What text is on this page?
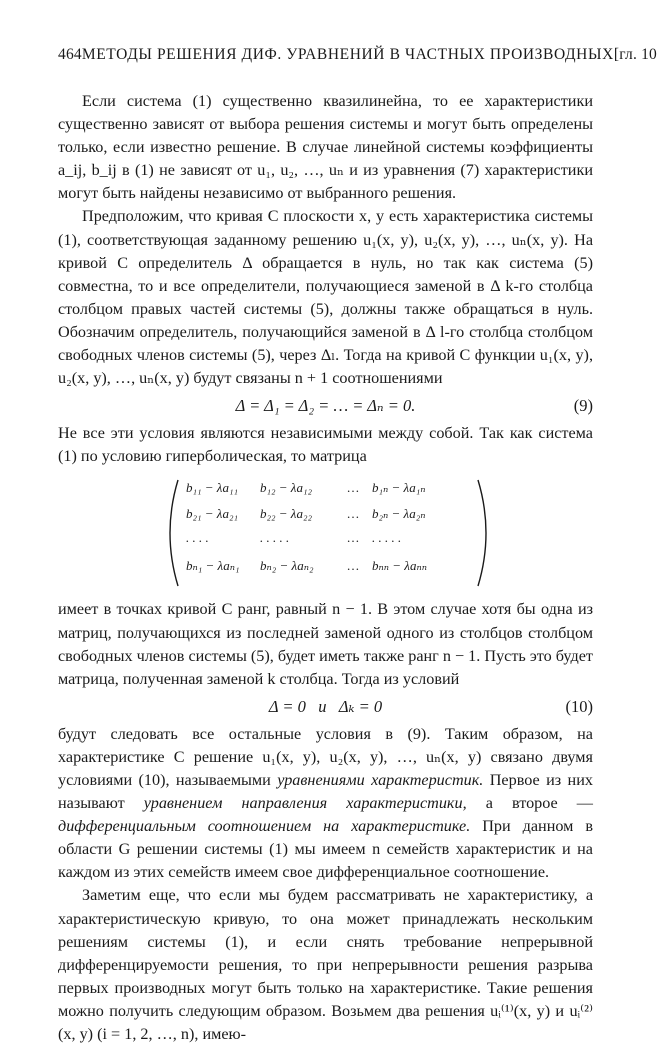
464 МЕТОДЫ РЕШЕНИЯ ДИФ. УРАВНЕНИЙ В ЧАСТНЫХ ПРОИЗВОДНЫХ [гл. 10

Если система (1) существенно квазилинейна, то ее характеристики существенно зависят от выбора решения системы и могут быть определены только, если известно решение. В случае линейной системы коэффициенты a_ij, b_ij в (1) не зависят от u₁, u₂, …, uₙ и из уравнения (7) характеристики могут быть найдены независимо от выбранного решения.

Предположим, что кривая C плоскости x, y есть характеристика системы (1), соответствующая заданному решению u₁(x, y), u₂(x, y), …, uₙ(x, y). На кривой C определитель Δ обращается в нуль, но так как система (5) совместна, то и все определители, получающиеся заменой в Δ k-го столбца столбцом правых частей системы (5), должны также обращаться в нуль. Обозначим определитель, получающийся заменой в Δ l-го столбца столбцом свободных членов системы (5), через Δₗ. Тогда на кривой C функции u₁(x, y), u₂(x, y), …, uₙ(x, y) будут связаны n + 1 соотношениями

Δ = Δ₁ = Δ₂ = … = Δₙ = 0.	(9)

Не все эти условия являются независимыми между собой. Так как система (1) по условию гиперболическая, то матрица

b₁₁ − λa₁₁ b₁₂ − λa₁₂	… b₁ₙ − λa₁ₙ
b₂₁ − λa₂₁ b₂₂ − λa₂₂	… b₂ₙ − λa₂ₙ
. . . .	. . . . .	… . . . . .
bₙ₁ − λaₙ₁ bₙ₂ − λaₙ₂	… bₙₙ − λaₙₙ

имеет в точках кривой C ранг, равный n − 1. В этом случае хотя бы одна из матриц, получающихся из последней заменой одного из столбцов столбцом свободных членов системы (5), будет иметь также ранг n − 1. Пусть это будет матрица, полученная заменой k столбца. Тогда из условий

Δ = 0   и   Δₖ = 0	(10)

будут следовать все остальные условия в (9). Таким образом, на характеристике C решение u₁(x, y), u₂(x, y), …, uₙ(x, y) связано двумя условиями (10), называемыми уравнениями характеристик. Первое из них называют уравнением направления характеристики, а второе — дифференциальным соотношением на характеристике. При данном в области G решении системы (1) мы имеем n семейств характеристик и на каждом из этих семейств имеем свое дифференциальное соотношение.

Заметим еще, что если мы будем рассматривать не характеристику, а характеристическую кривую, то она может принадлежать нескольким решениям системы (1), и если снять требование непрерывной дифференцируемости решения, то при непрерывности решения разрыва первых производных могут быть только на характеристике. Такие решения можно получить следующим образом. Возьмем два решения uᵢ⁽¹⁾(x, y) и uᵢ⁽²⁾(x, y) (i = 1, 2, …, n), имею-
